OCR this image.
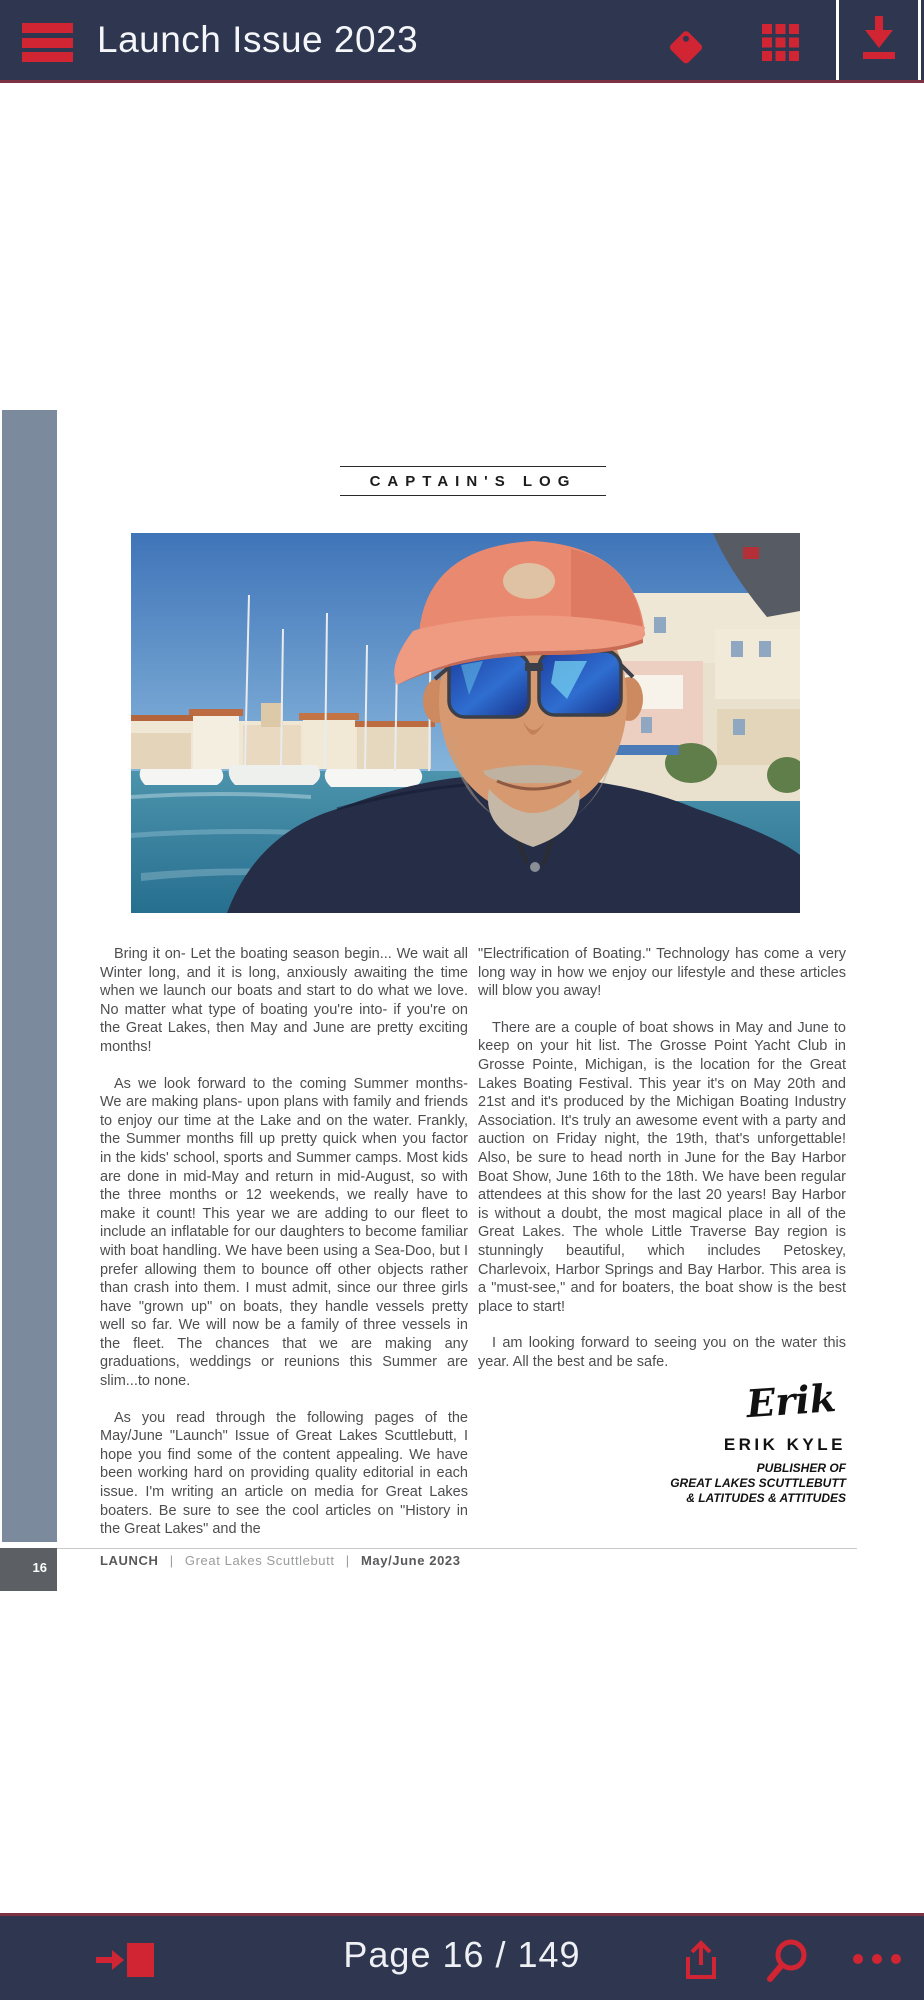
Launch Issue 2023
CAPTAIN'S LOG

Bring it on- Let the boating season begin... We wait all Winter long, and it is long, anxiously awaiting the time when we launch our boats and start to do what we love. No matter what type of boating you're into- if you're on the Great Lakes, then May and June are pretty exciting months!

As we look forward to the coming Summer months- We are making plans- upon plans with family and friends to enjoy our time at the Lake and on the water. Frankly, the Summer months fill up pretty quick when you factor in the kids' school, sports and Summer camps. Most kids are done in mid-May and return in mid-August, so with the three months or 12 weekends, we really have to make it count! This year we are adding to our fleet to include an inflatable for our daughters to become familiar with boat handling. We have been using a Sea-Doo, but I prefer allowing them to bounce off other objects rather than crash into them. I must admit, since our three girls have "grown up" on boats, they handle vessels pretty well so far. We will now be a family of three vessels in the fleet. The chances that we are making any graduations, weddings or reunions this Summer are slim...to none.

As you read through the following pages of the May/June "Launch" Issue of Great Lakes Scuttlebutt, I hope you find some of the content appealing. We have been working hard on providing quality editorial in each issue. I'm writing an article on media for Great Lakes boaters. Be sure to see the cool articles on "History in the Great Lakes" and the

"Electrification of Boating." Technology has come a very long way in how we enjoy our lifestyle and these articles will blow you away!

There are a couple of boat shows in May and June to keep on your hit list. The Grosse Point Yacht Club in Grosse Pointe, Michigan, is the location for the Great Lakes Boating Festival. This year it's on May 20th and 21st and it's produced by the Michigan Boating Industry Association. It's truly an awesome event with a party and auction on Friday night, the 19th, that's unforgettable! Also, be sure to head north in June for the Bay Harbor Boat Show, June 16th to the 18th. We have been regular attendees at this show for the last 20 years! Bay Harbor is without a doubt, the most magical place in all of the Great Lakes. The whole Little Traverse Bay region is stunningly beautiful, which includes Petoskey, Charlevoix, Harbor Springs and Bay Harbor. This area is a "must-see," and for boaters, the boat show is the best place to start!

I am looking forward to seeing you on the water this year. All the best and be safe.

Erik
ERIK KYLE
PUBLISHER OF
GREAT LAKES SCUTTLEBUTT
& LATITUDES & ATTITUDES
16	LAUNCH | Great Lakes Scuttlebutt | May/June 2023
Page 16 / 149
